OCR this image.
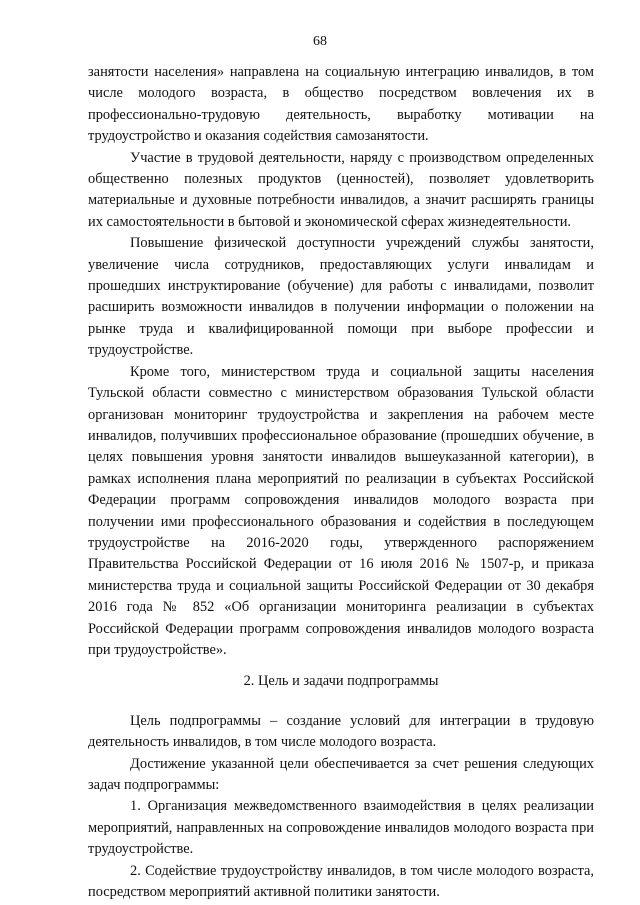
68

занятости населения» направлена на социальную интеграцию инвалидов, в том числе молодого возраста, в общество посредством вовлечения их в профессионально-трудовую деятельность, выработку мотивации на трудоустройство и оказания содействия самозанятости.

Участие в трудовой деятельности, наряду с производством определенных общественно полезных продуктов (ценностей), позволяет удовлетворить материальные и духовные потребности инвалидов, а значит расширять границы их самостоятельности в бытовой и экономической сферах жизнедеятельности.

Повышение физической доступности учреждений службы занятости, увеличение числа сотрудников, предоставляющих услуги инвалидам и прошедших инструктирование (обучение) для работы с инвалидами, позволит расширить возможности инвалидов в получении информации о положении на рынке труда и квалифицированной помощи при выборе профессии и трудоустройстве.

Кроме того, министерством труда и социальной защиты населения Тульской области совместно с министерством образования Тульской области организован мониторинг трудоустройства и закрепления на рабочем месте инвалидов, получивших профессиональное образование (прошедших обучение, в целях повышения уровня занятости инвалидов вышеуказанной категории), в рамках исполнения плана мероприятий по реализации в субъектах Российской Федерации программ сопровождения инвалидов молодого возраста при получении ими профессионального образования и содействия в последующем трудоустройстве на 2016-2020 годы, утвержденного распоряжением Правительства Российской Федерации от 16 июля 2016 № 1507-р, и приказа министерства труда и социальной защиты Российской Федерации от 30 декабря 2016 года № 852 «Об организации мониторинга реализации в субъектах Российской Федерации программ сопровождения инвалидов молодого возраста при трудоустройстве».

2. Цель и задачи подпрограммы

Цель подпрограммы – создание условий для интеграции в трудовую деятельность инвалидов, в том числе молодого возраста.

Достижение указанной цели обеспечивается за счет решения следующих задач подпрограммы:

1. Организация межведомственного взаимодействия в целях реализации мероприятий, направленных на сопровождение инвалидов молодого возраста при трудоустройстве.

2. Содействие трудоустройству инвалидов, в том числе молодого возраста, посредством мероприятий активной политики занятости.
